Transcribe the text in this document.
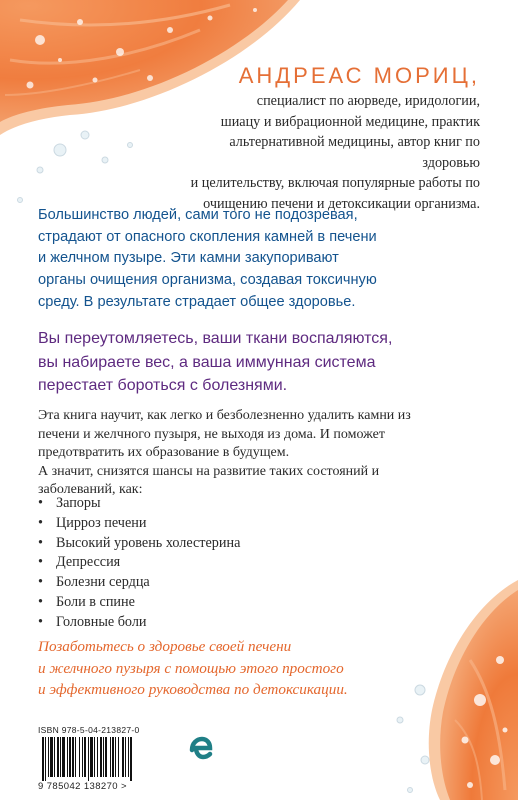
АНДРЕАС МОРИЦ,
специалист по аюрведе, иридологии,
шиацу и вибрационной медицине, практик
альтернативной медицины, автор книг по здоровью
и целительству, включая популярные работы по
очищению печени и детоксикации организма.
Большинство людей, сами того не подозревая,
страдают от опасного скопления камней в печени
и желчном пузыре. Эти камни закупоривают
органы очищения организма, создавая токсичную
среду. В результате страдает общее здоровье.
Вы переутомляетесь, ваши ткани воспаляются,
вы набираете вес, а ваша иммунная система
перестает бороться с болезнями.

Эта книга научит, как легко и безболезненно удалить камни из
печени и желчного пузыря, не выходя из дома. И поможет
предотвратить их образование в будущем.
А значит, снизятся шансы на развитие таких состояний и
заболеваний, как:

• Запоры
• Цирроз печени
• Высокий уровень холестерина
• Депрессия
• Болезни сердца
• Боли в спине
• Головные боли
Позаботьтесь о здоровье своей печени
и желчного пузыря с помощью этого простого
и эффективного руководства по детоксикации.
ISBN 978-5-04-213827-0
9 785042 138270 >
